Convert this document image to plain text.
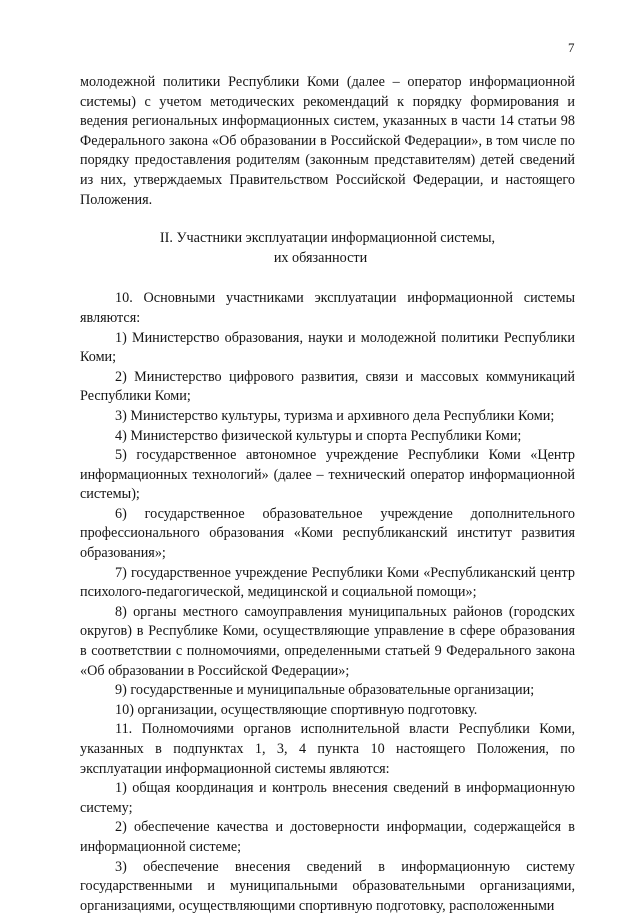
7

молодежной политики Республики Коми (далее – оператор информационной системы) с учетом методических рекомендаций к порядку формирования и ведения региональных информационных систем, указанных в части 14 статьи 98 Федерального закона «Об образовании в Российской Федерации», в том числе по порядку предоставления родителям (законным представителям) детей сведений из них, утверждаемых Правительством Российской Федерации, и настоящего Положения.

II. Участники эксплуатации информационной системы,
их обязанности

10. Основными участниками эксплуатации информационной системы являются:

1) Министерство образования, науки и молодежной политики Республики Коми;

2) Министерство цифрового развития, связи и массовых коммуникаций Республики Коми;

3) Министерство культуры, туризма и архивного дела Республики Коми;

4) Министерство физической культуры и спорта Республики Коми;

5) государственное автономное учреждение Республики Коми «Центр информационных технологий» (далее – технический оператор информационной системы);

6) государственное образовательное учреждение дополнительного профессионального образования «Коми республиканский институт развития образования»;

7) государственное учреждение Республики Коми «Республиканский центр психолого-педагогической, медицинской и социальной помощи»;

8) органы местного самоуправления муниципальных районов (городских округов) в Республике Коми, осуществляющие управление в сфере образования в соответствии с полномочиями, определенными статьей 9 Федерального закона «Об образовании в Российской Федерации»;

9) государственные и муниципальные образовательные организации;

10) организации, осуществляющие спортивную подготовку.

11. Полномочиями органов исполнительной власти Республики Коми, указанных в подпунктах 1, 3, 4 пункта 10 настоящего Положения, по эксплуатации информационной системы являются:

1) общая координация и контроль внесения сведений в информационную систему;

2) обеспечение качества и достоверности информации, содержащейся в информационной системе;

3) обеспечение внесения сведений в информационную систему государственными и муниципальными образовательными организациями, организациями, осуществляющими спортивную подготовку, расположенными
